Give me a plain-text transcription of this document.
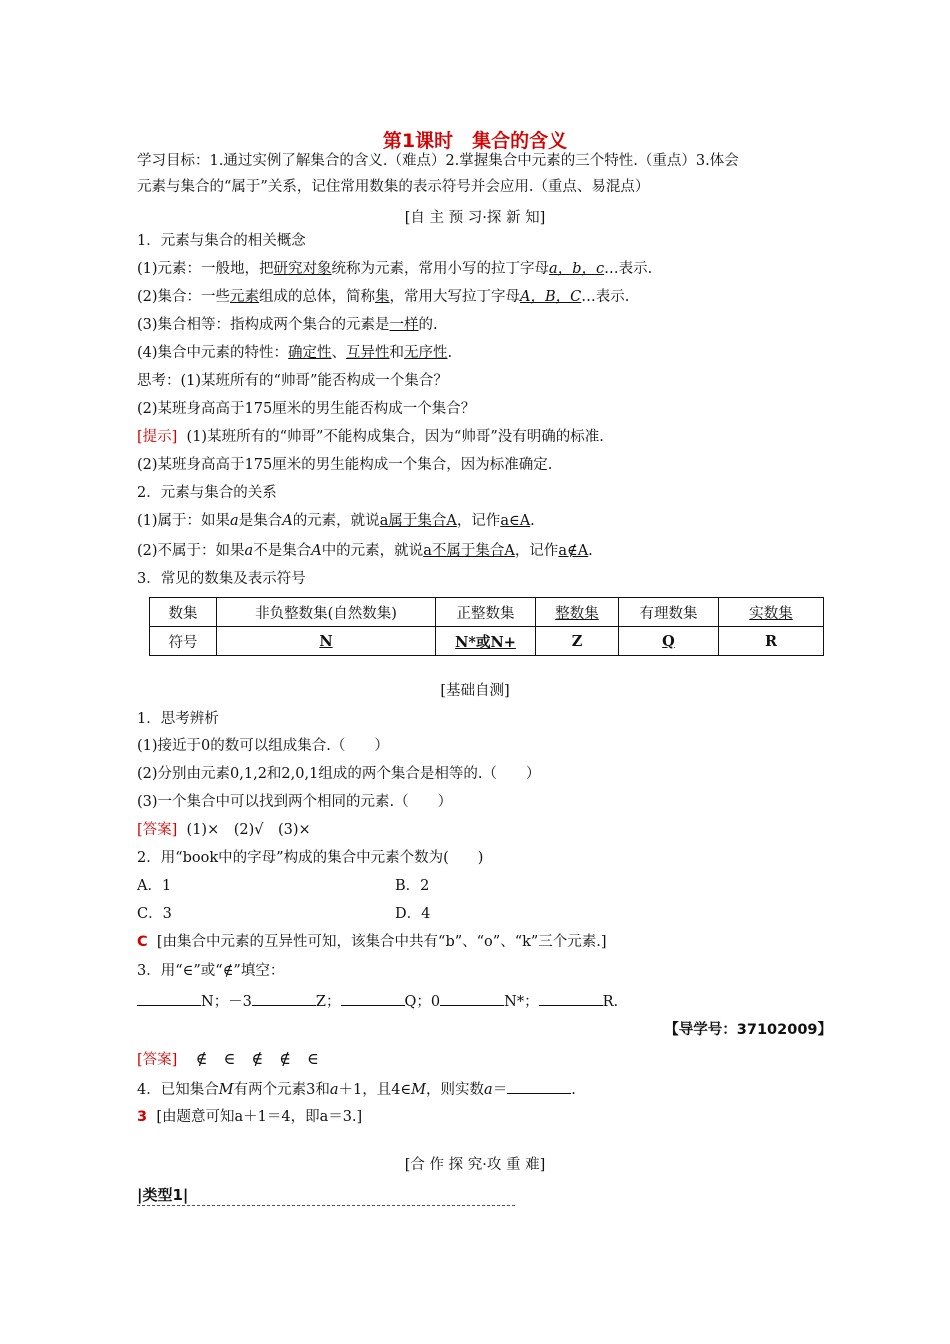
第1课时　集合的含义
学习目标：1.通过实例了解集合的含义.（难点）2.掌握集合中元素的三个特性.（重点）3.体会
元素与集合的“属于”关系，记住常用数集的表示符号并会应用.（重点、易混点）
[自 主 预 习·探 新 知]
1．元素与集合的相关概念
(1)元素：一般地，把研究对象统称为元素，常用小写的拉丁字母a，b，c…表示.
(2)集合：一些元素组成的总体，简称集，常用大写拉丁字母A，B，C…表示.
(3)集合相等：指构成两个集合的元素是一样的.
(4)集合中元素的特性：确定性、互异性和无序性.
思考：(1)某班所有的“帅哥”能否构成一个集合？
(2)某班身高高于175厘米的男生能否构成一个集合？
[提示] (1)某班所有的“帅哥”不能构成集合，因为“帅哥”没有明确的标准.
(2)某班身高高于175厘米的男生能构成一个集合，因为标准确定.
2．元素与集合的关系
(1)属于：如果a是集合A的元素，就说a属于集合A，记作a∈A.
(2)不属于：如果a不是集合A中的元素，就说a不属于集合A，记作a∉A.
3．常见的数集及表示符号
数集	非负整数集(自然数集)	正整数集	整数集	有理数集	实数集
符号	N	N*或N+	Z	Q	R
[基础自测]
1．思考辨析
(1)接近于0的数可以组成集合.（　　）
(2)分别由元素0,1,2和2,0,1组成的两个集合是相等的.（　　）
(3)一个集合中可以找到两个相同的元素.（　　）
[答案] (1)×　(2)√　(3)×
2．用“book中的字母”构成的集合中元素个数为(　　)
A．1	B．2
C．3	D．4
C [由集合中元素的互异性可知，该集合中共有“b”、“o”、“k”三个元素.]
3．用“∈”或“∉”填空：
N；－3	Z；	Q；0	N*；	R.
【导学号：37102009】
[答案] ∉　∈　∉　∉　∈
4．已知集合M有两个元素3和a＋1，且4∈M，则实数a＝	.
3 [由题意可知a＋1＝4，即a＝3.]
[合 作 探 究·攻 重 难]
|类型1|
